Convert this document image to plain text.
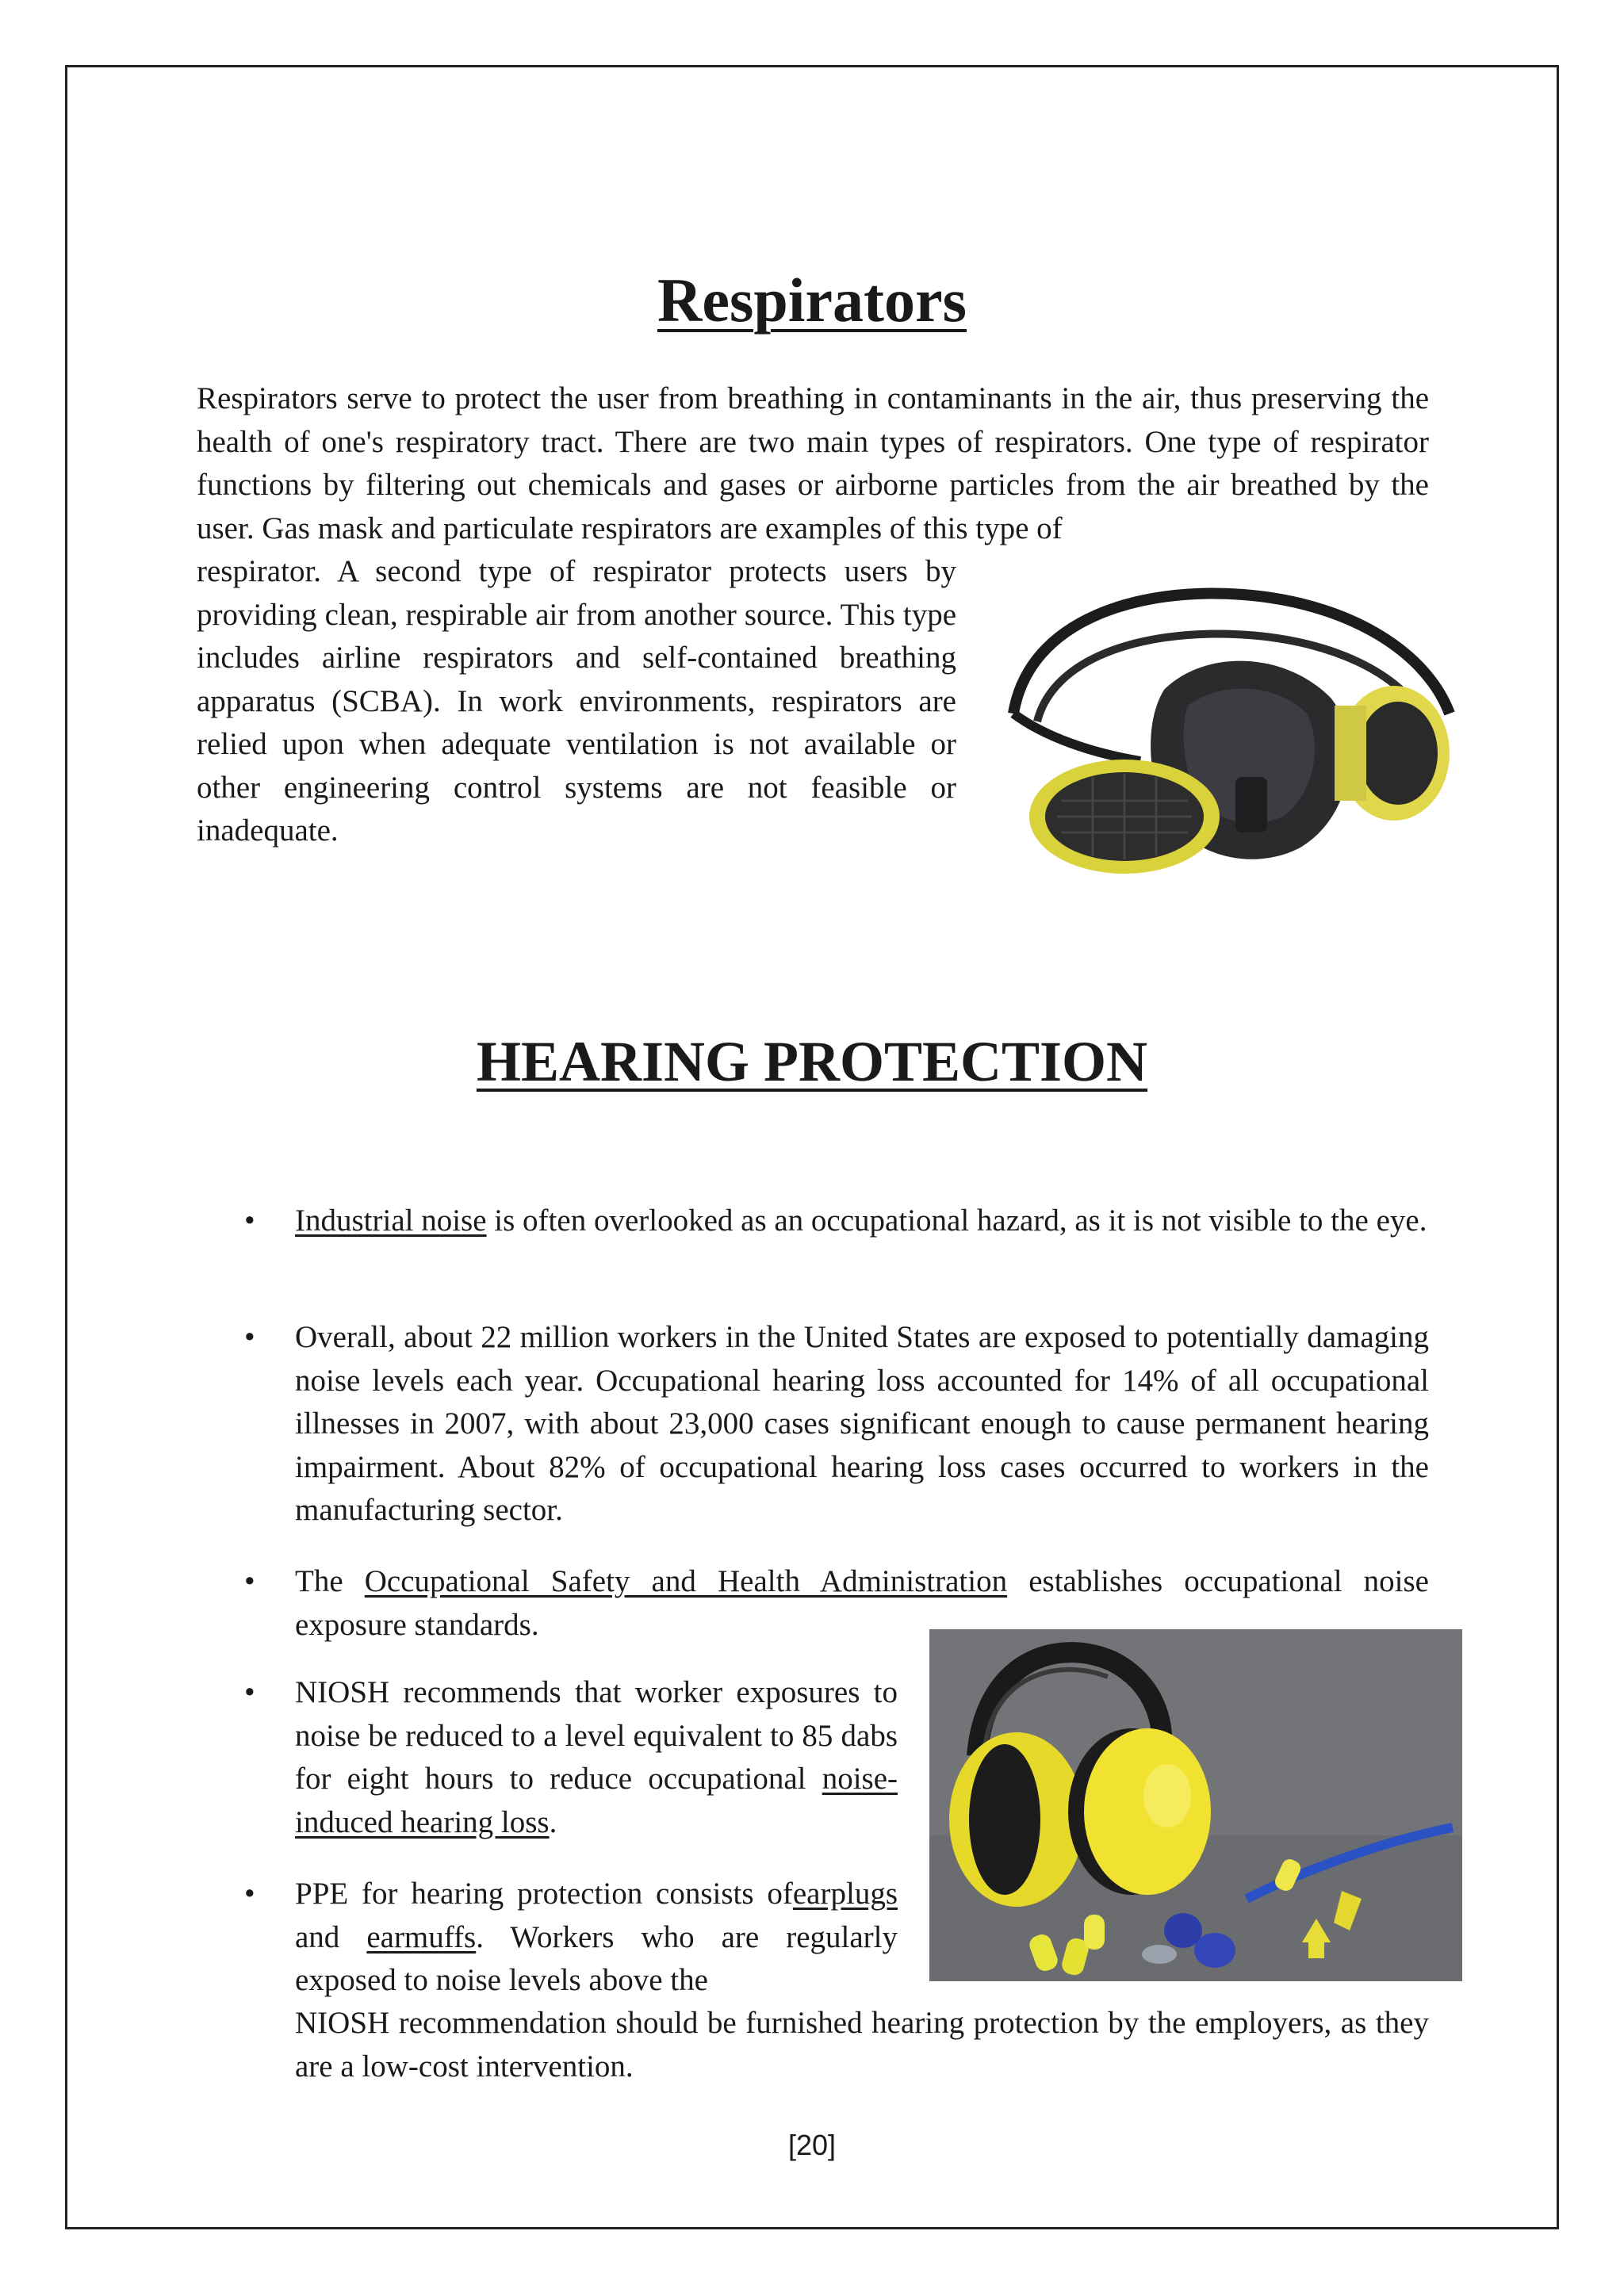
Respirators

Respirators serve to protect the user from breathing in contaminants in the air, thus preserving the health of one's respiratory tract. There are two main types of respirators. One type of respirator functions by filtering out chemicals and gases or airborne particles from the air breathed by the user. Gas mask and particulate respirators are examples of this type of

respirator. A second type of respirator protects users by providing clean, respirable air from another source. This type includes airline respirators and self-contained breathing apparatus (SCBA). In work environments, respirators are relied upon when adequate ventilation is not available or other engineering control systems are not feasible or inadequate.

HEARING PROTECTION
• Industrial noise is often overlooked as an occupational hazard, as it is not visible to the eye.

• Overall, about 22 million workers in the United States are exposed to potentially damaging noise levels each year. Occupational hearing loss accounted for 14% of all occupational illnesses in 2007, with about 23,000 cases significant enough to cause permanent hearing impairment. About 82% of occupational hearing loss cases occurred to workers in the manufacturing sector.

• The Occupational Safety and Health Administration establishes occupational noise exposure standards.

• NIOSH recommends that worker exposures to noise be reduced to a level equivalent to 85 dabs for eight hours to reduce occupational noise-induced hearing loss.

• PPE for hearing protection consists ofearplugs and earmuffs. Workers who are regularly exposed to noise levels above the

NIOSH recommendation should be furnished hearing protection by the employers, as they are a low-cost intervention.

[20]
